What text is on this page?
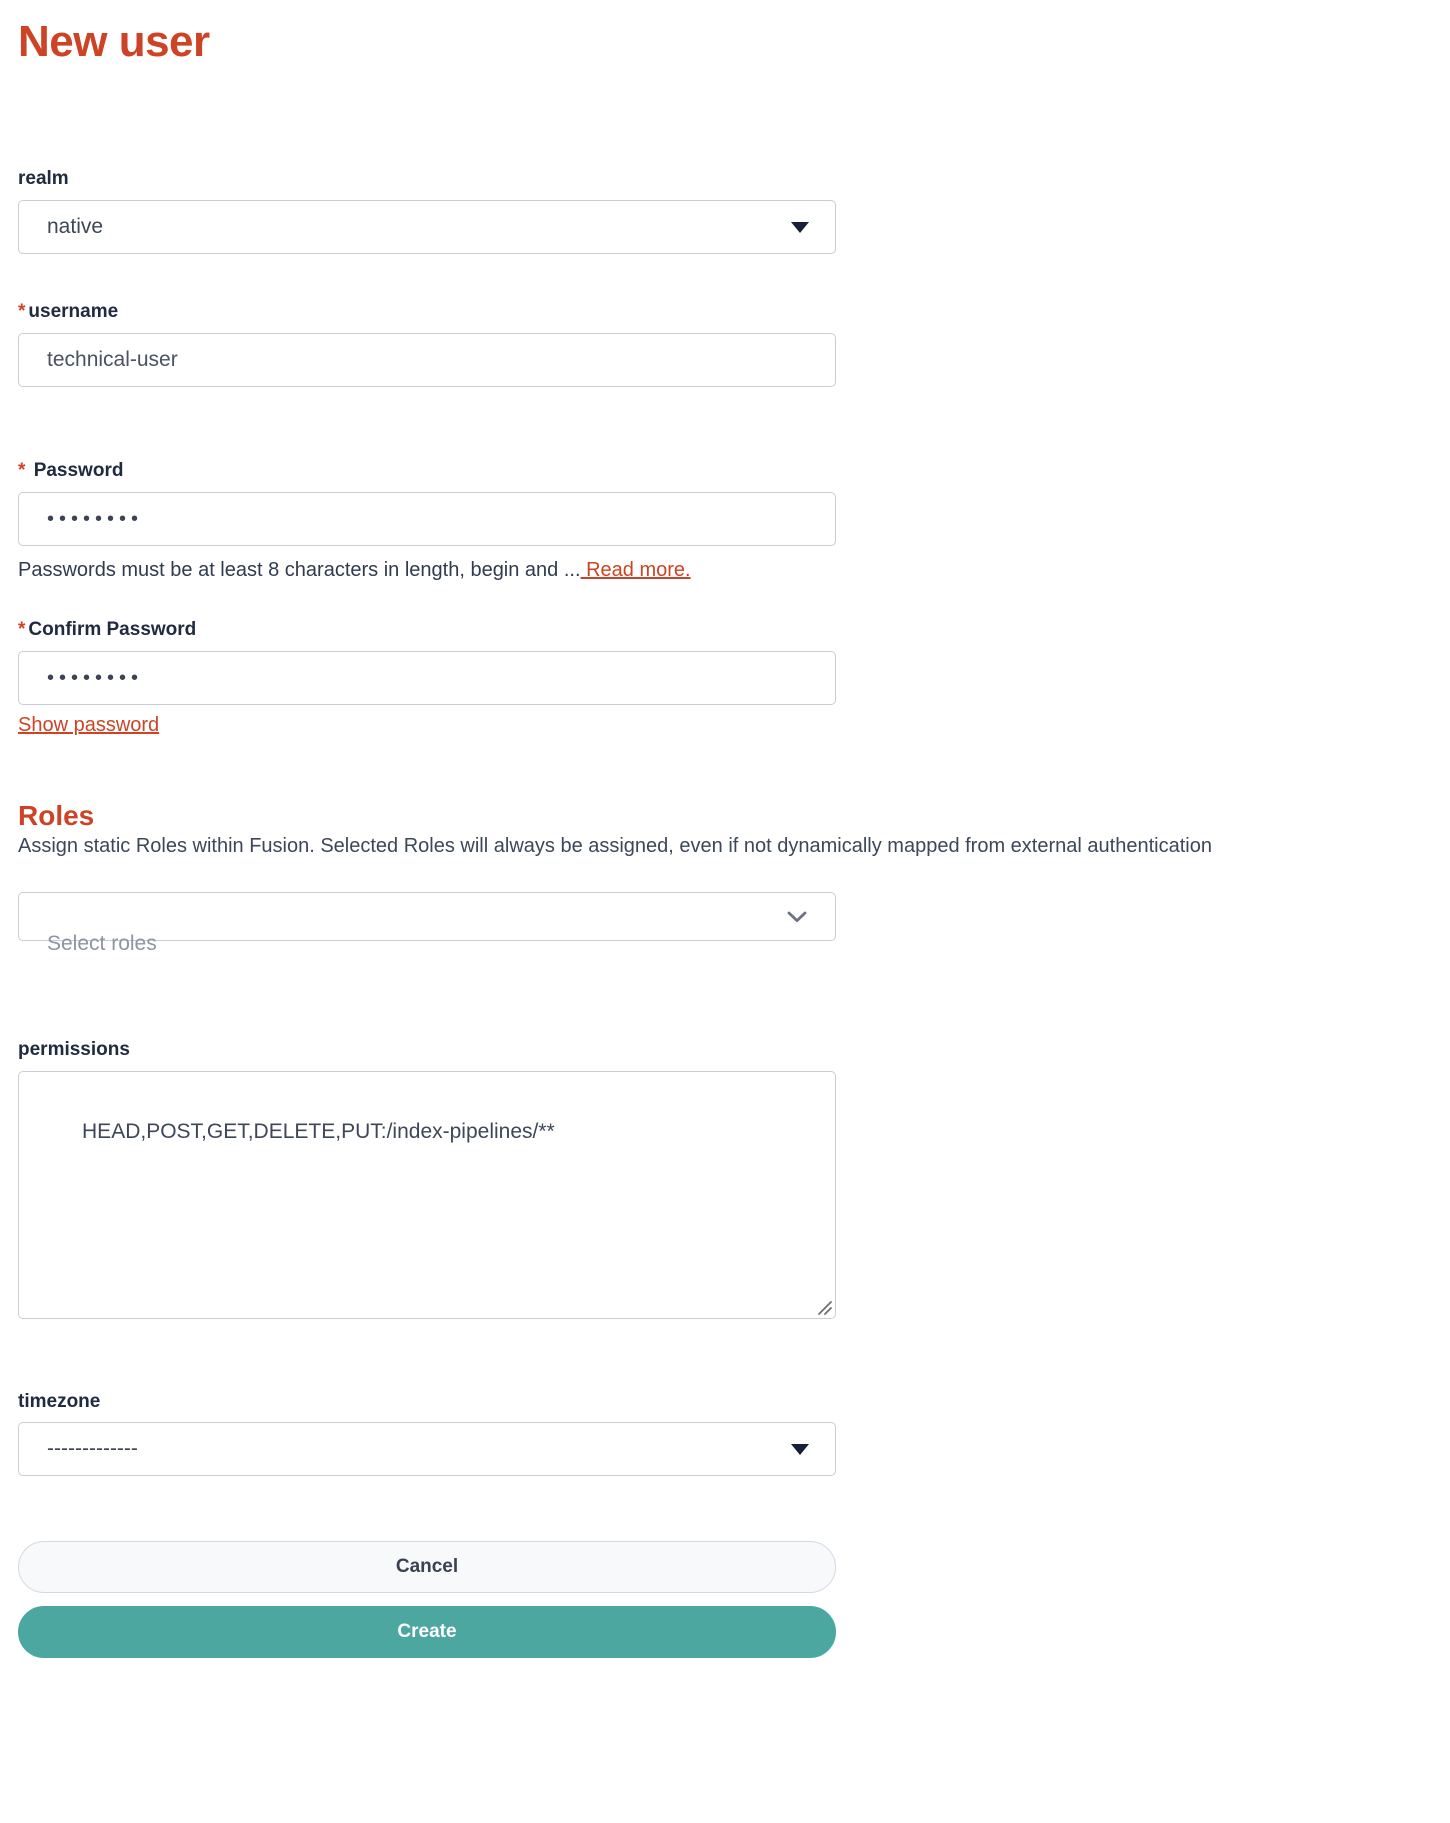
New user
realm
native
* username
technical-user
* Password
••••••••
Passwords must be at least 8 characters in length, begin and ... Read more.
* Confirm Password
••••••••
Show password
Roles
Assign static Roles within Fusion. Selected Roles will always be assigned, even if not dynamically mapped from external authentication
Select roles
permissions

HEAD,POST,GET,DELETE,PUT:/index-pipelines/**

timezone
-------------
Cancel
Create
